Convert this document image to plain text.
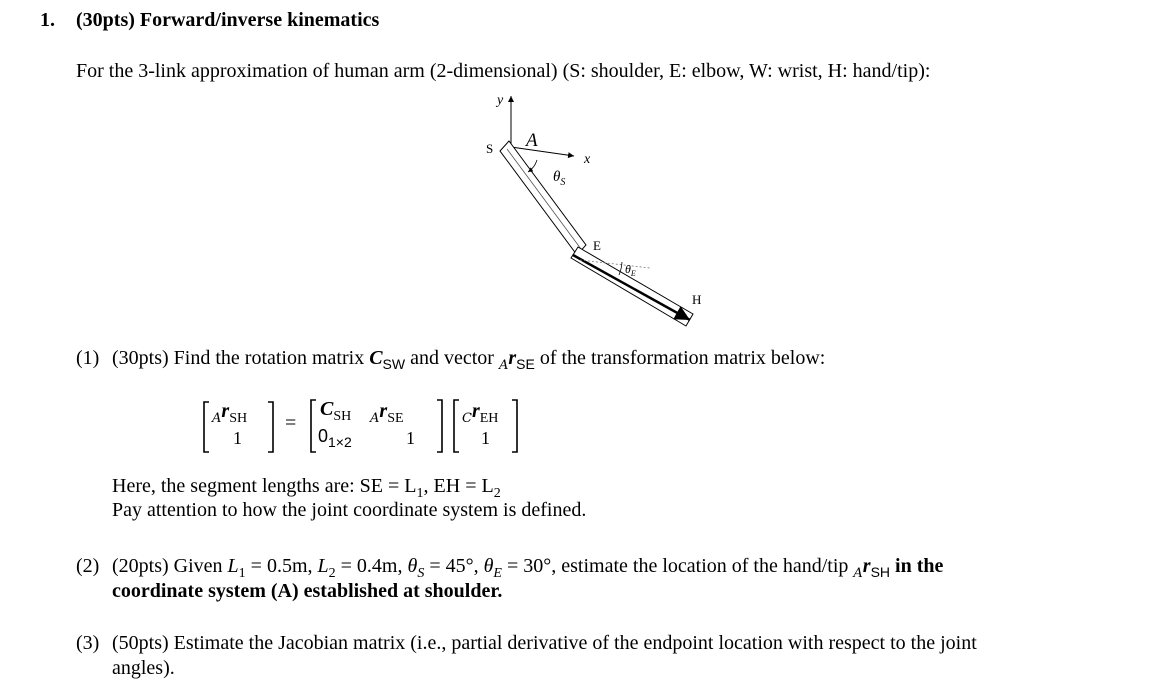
1. (30pts) Forward/inverse kinematics
For the 3-link approximation of human arm (2-dimensional) (S: shoulder, E: elbow, W: wrist, H: hand/tip):
y
x
A
S
$\theta_S$
E
$\theta_E$
H
(1) (30pts) Find the rotation matrix $C_{SW}$ and vector $_Ar_{SE}$ of the transformation matrix below:
$_Ar_{SH}$
1
=
$C_{SH}$ $_Ar_{SE}$
$0_{1\times 2}$	1
$_Cr_{EH}$
1
Here, the segment lengths are: SE = $L_1$, EH = $L_2$
Pay attention to how the joint coordinate system is defined.
(2) (20pts) Given $L_1 = 0.5m$, $L_2 = 0.4m$, $\theta_S = 45^\circ$, $\theta_E = 30^\circ$, estimate the location of the hand/tip $_Ar_{SH}$ in the
coordinate system (A) established at shoulder.
(3) (50pts) Estimate the Jacobian matrix (i.e., partial derivative of the endpoint location with respect to the joint
angles).
